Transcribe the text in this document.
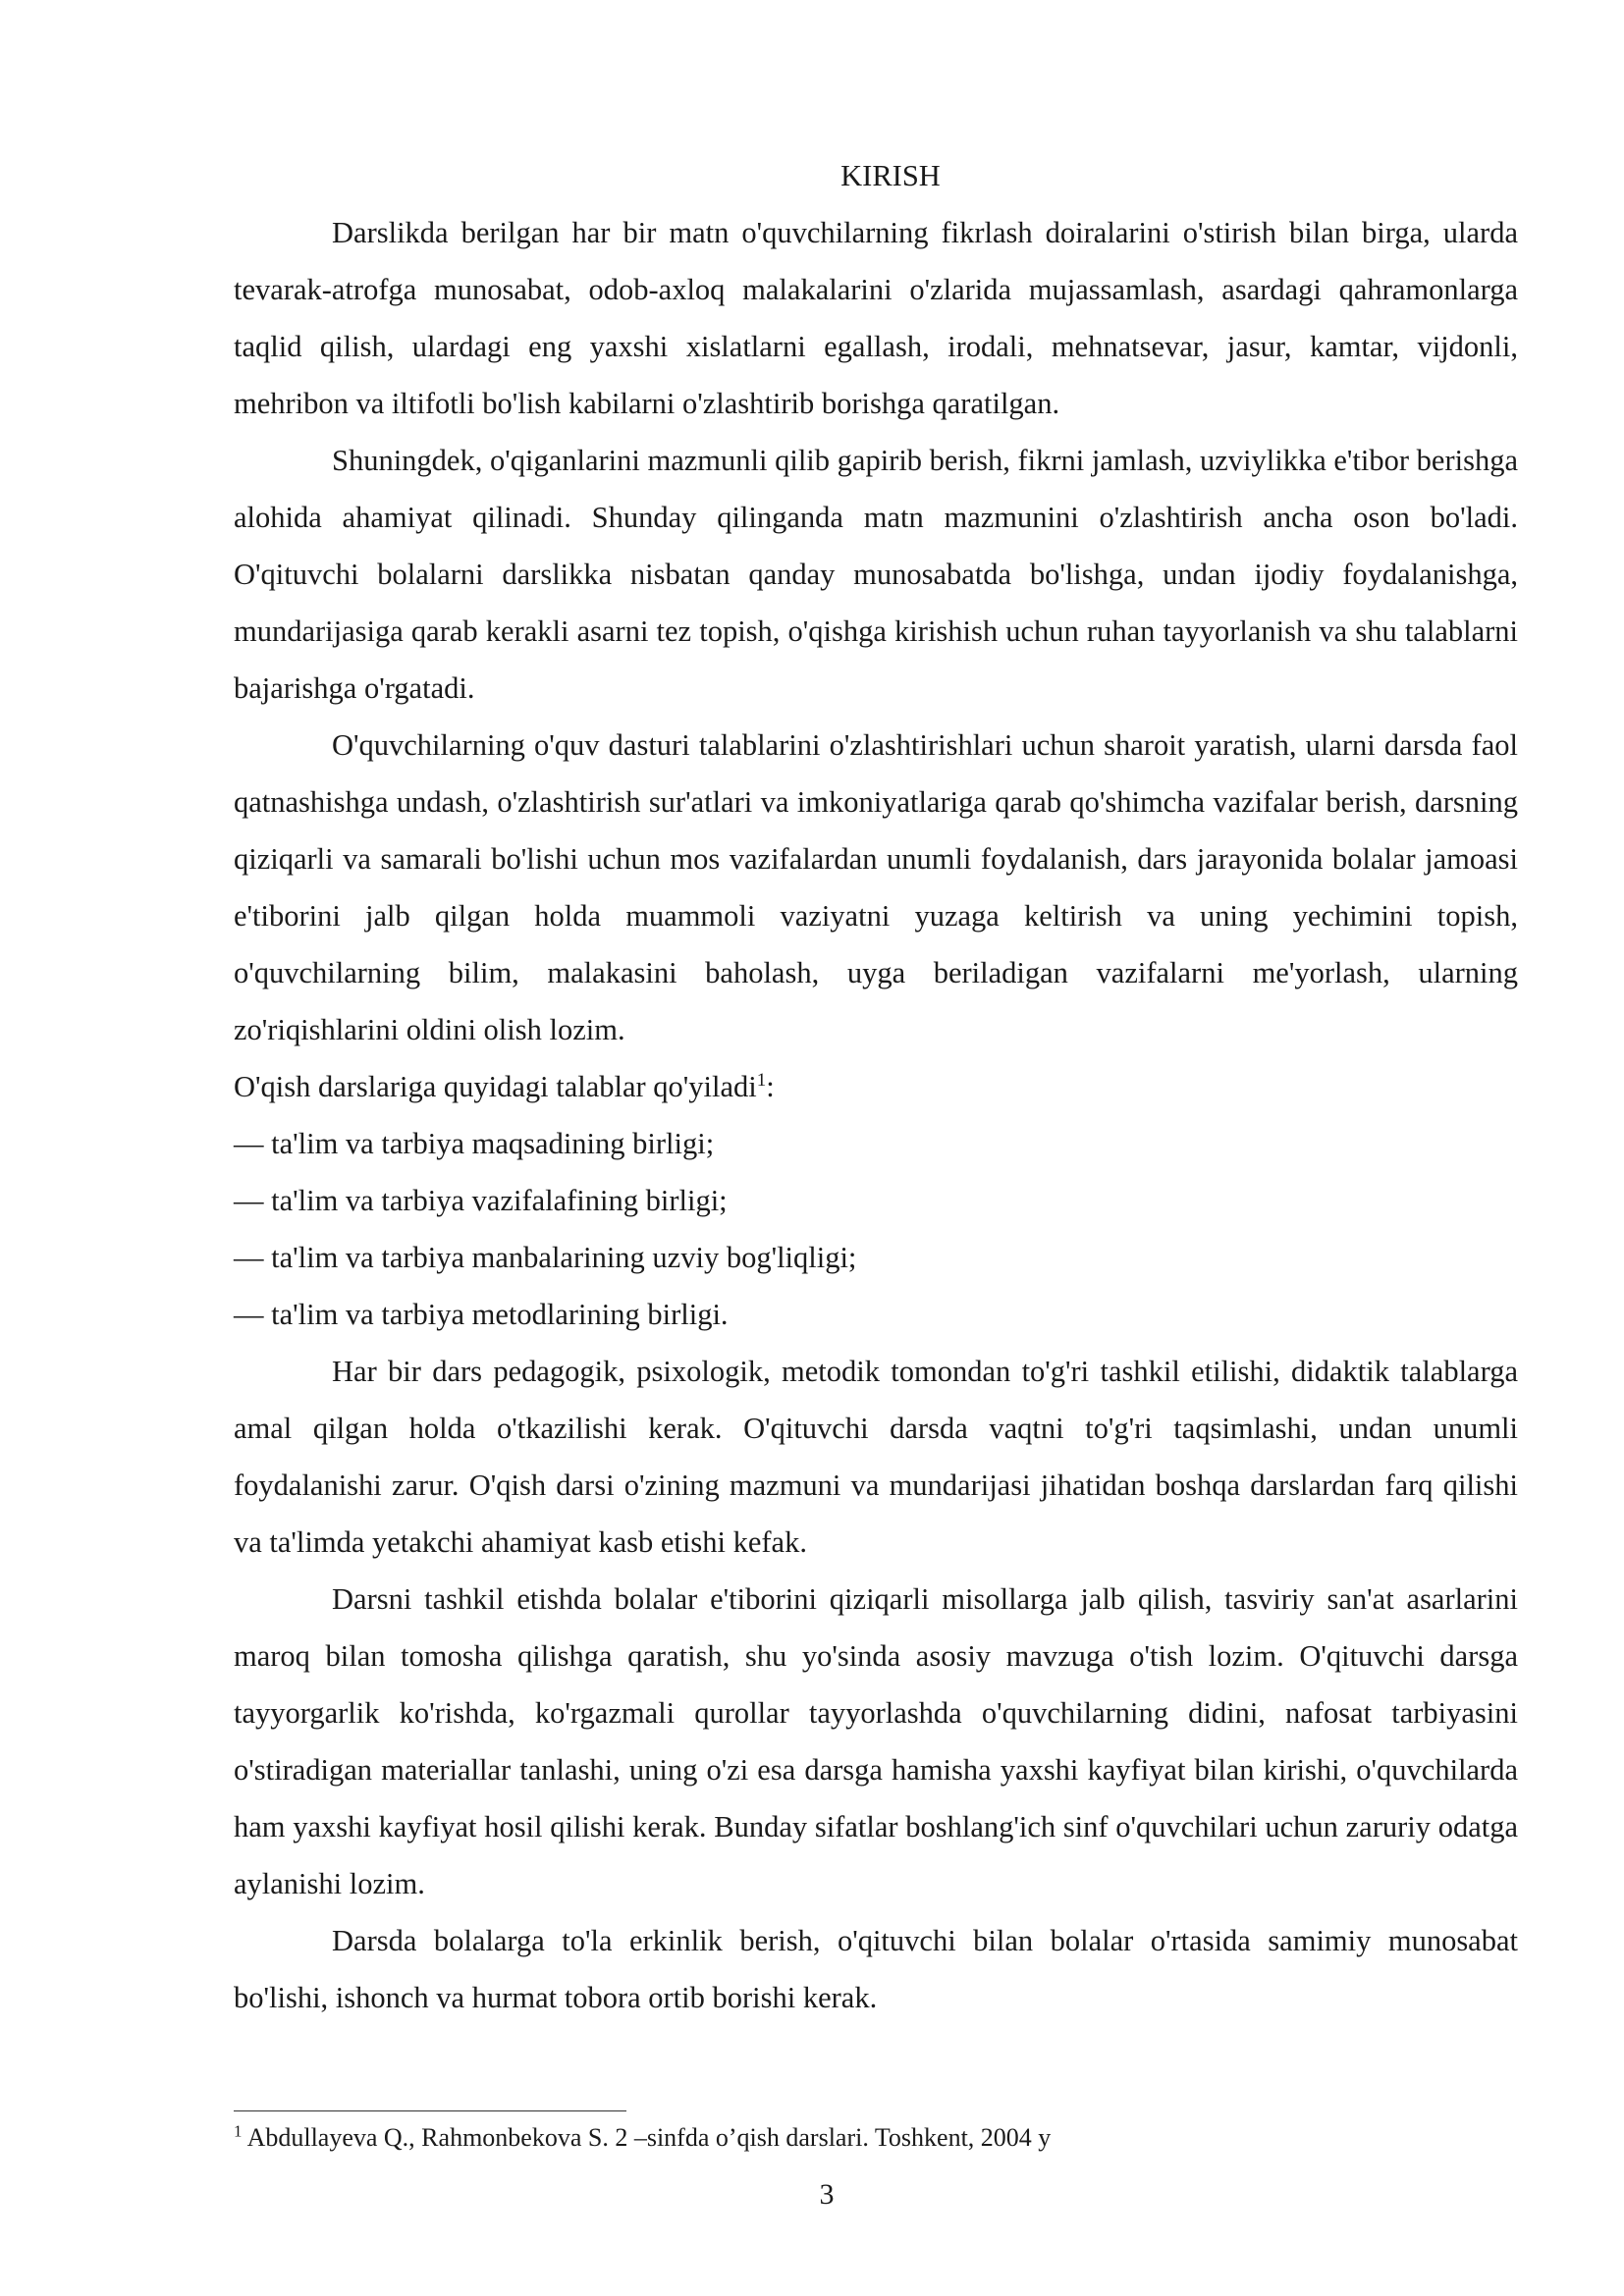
KIRISH

Darslikda berilgan har bir matn o'quvchilarning fikrlash doiralarini o'stirish bilan birga, ularda tevarak-atrofga munosabat, odob-axloq malakalarini o'zlarida mujassamlash, asardagi qahramonlarga taqlid qilish, ulardagi eng yaxshi xislatlarni egallash, irodali, mehnatsevar, jasur, kamtar, vijdonli, mehribon va iltifotli bo'lish kabilarni o'zlashtirib borishga qaratilgan.

Shuningdek, o'qiganlarini mazmunli qilib gapirib berish, fikrni jamlash, uzviylikka e'tibor berishga alohida ahamiyat qilinadi. Shunday qilinganda matn mazmunini o'zlashtirish ancha oson bo'ladi. O'qituvchi bolalarni darslikka nisbatan qanday munosabatda bo'lishga, undan ijodiy foydalanishga, mundarijasiga qarab kerakli asarni tez topish, o'qishga kirishish uchun ruhan tayyorlanish va shu talablarni bajarishga o'rgatadi.

O'quvchilarning o'quv dasturi talablarini o'zlashtirishlari uchun sharoit yaratish, ularni darsda faol qatnashishga undash, o'zlashtirish sur'atlari va imkoniyatlariga qarab qo'shimcha vazifalar berish, darsning qiziqarli va samarali bo'lishi uchun mos vazifalardan unumli foydalanish, dars jarayonida bolalar jamoasi e'tiborini jalb qilgan holda muammoli vaziyatni yuzaga keltirish va uning yechimini topish, o'quvchilarning bilim, malakasini baholash, uyga beriladigan vazifalarni me'yorlash, ularning zo'riqishlarini oldini olish lozim.

O'qish darslariga quyidagi talablar qo'yiladi$^1$:

— ta'lim va tarbiya maqsadining birligi;
— ta'lim va tarbiya vazifalafining birligi;
— ta'lim va tarbiya manbalarining uzviy bog'liqligi;
— ta'lim va tarbiya metodlarining birligi.

Har bir dars pedagogik, psixologik, metodik tomondan to'g'ri tashkil etilishi, didaktik talablarga amal qilgan holda o'tkazilishi kerak. O'qituvchi darsda vaqtni to'g'ri taqsimlashi, undan unumli foydalanishi zarur. O'qish darsi o'zining mazmuni va mundarijasi jihatidan boshqa darslardan farq qilishi va ta'limda yetakchi ahamiyat kasb etishi kefak.

Darsni tashkil etishda bolalar e'tiborini qiziqarli misollarga jalb qilish, tasviriy san'at asarlarini maroq bilan tomosha qilishga qaratish, shu yo'sinda asosiy mavzuga o'tish lozim. O'qituvchi darsga tayyorgarlik ko'rishda, ko'rgazmali qurollar tayyorlashda o'quvchilarning didini, nafosat tarbiyasini o'stiradigan materiallar tanlashi, uning o'zi esa darsga hamisha yaxshi kayfiyat bilan kirishi, o'quvchilarda ham yaxshi kayfiyat hosil qilishi kerak. Bunday sifatlar boshlang'ich sinf o'quvchilari uchun zaruriy odatga aylanishi lozim.

Darsda bolalarga to'la erkinlik berish, o'qituvchi bilan bolalar o'rtasida samimiy munosabat bo'lishi, ishonch va hurmat tobora ortib borishi kerak.

$^1$ Abdullayeva Q., Rahmonbekova S. 2 –sinfda o’qish darslari. Toshkent, 2004 y
3
